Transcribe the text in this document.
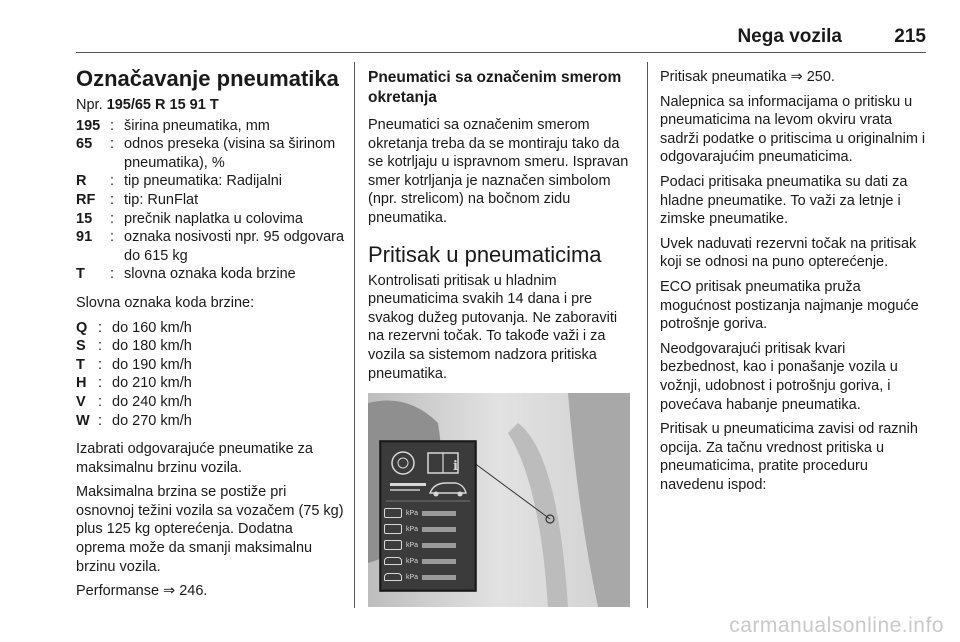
Nega vozila	215
Označavanje pneumatika

Npr. 195/65 R 15 91 T

195 : širina pneumatika, mm
65	: odnos preseka (visina sa širinom pneumatika), %
R	: tip pneumatika: Radijalni
RF	: tip: RunFlat
15	: prečnik naplatka u colovima
91	: oznaka nosivosti npr. 95 odgovara do 615 kg
T	: slovna oznaka koda brzine

Slovna oznaka koda brzine:

Q : do 160 km/h
S : do 180 km/h
T : do 190 km/h
H : do 210 km/h
V : do 240 km/h
W : do 270 km/h

Izabrati odgovarajuće pneumatike za maksimalnu brzinu vozila.

Maksimalna brzina se postiže pri osnovnoj težini vozila sa vozačem (75 kg) plus 125 kg opterećenja. Dodatna oprema može da smanji maksimalnu brzinu vozila.

Performanse ⇒ 246.

Pneumatici sa označenim smerom okretanja

Pneumatici sa označenim smerom okretanja treba da se montiraju tako da se kotrljaju u ispravnom smeru. Ispravan smer kotrljanja je naznačen simbolom (npr. strelicom) na bočnom zidu pneumatika.

Pritisak u pneumaticima

Kontrolisati pritisak u hladnim pneumaticima svakih 14 dana i pre svakog dužeg putovanja. Ne zaboraviti na rezervni točak. To takođe važi i za vozila sa sistemom nadzora pritiska pneumatika.

i
kPa
kPa
kPa
kPa
kPa

Pritisak pneumatika ⇒ 250.

Nalepnica sa informacijama o pritisku u pneumaticima na levom okviru vrata sadrži podatke o pritiscima u originalnim i odgovarajućim pneumaticima.

Podaci pritisaka pneumatika su dati za hladne pneumatike. To važi za letnje i zimske pneumatike.

Uvek naduvati rezervni točak na pritisak koji se odnosi na puno opterećenje.

ECO pritisak pneumatika pruža mogućnost postizanja najmanje moguće potrošnje goriva.

Neodgovarajući pritisak kvari bezbednost, kao i ponašanje vozila u vožnji, udobnost i potrošnju goriva, i povećava habanje pneumatika.

Pritisak u pneumaticima zavisi od raznih opcija. Za tačnu vrednost pritiska u pneumaticima, pratite proceduru navedenu ispod:

carmanualsonline.info
